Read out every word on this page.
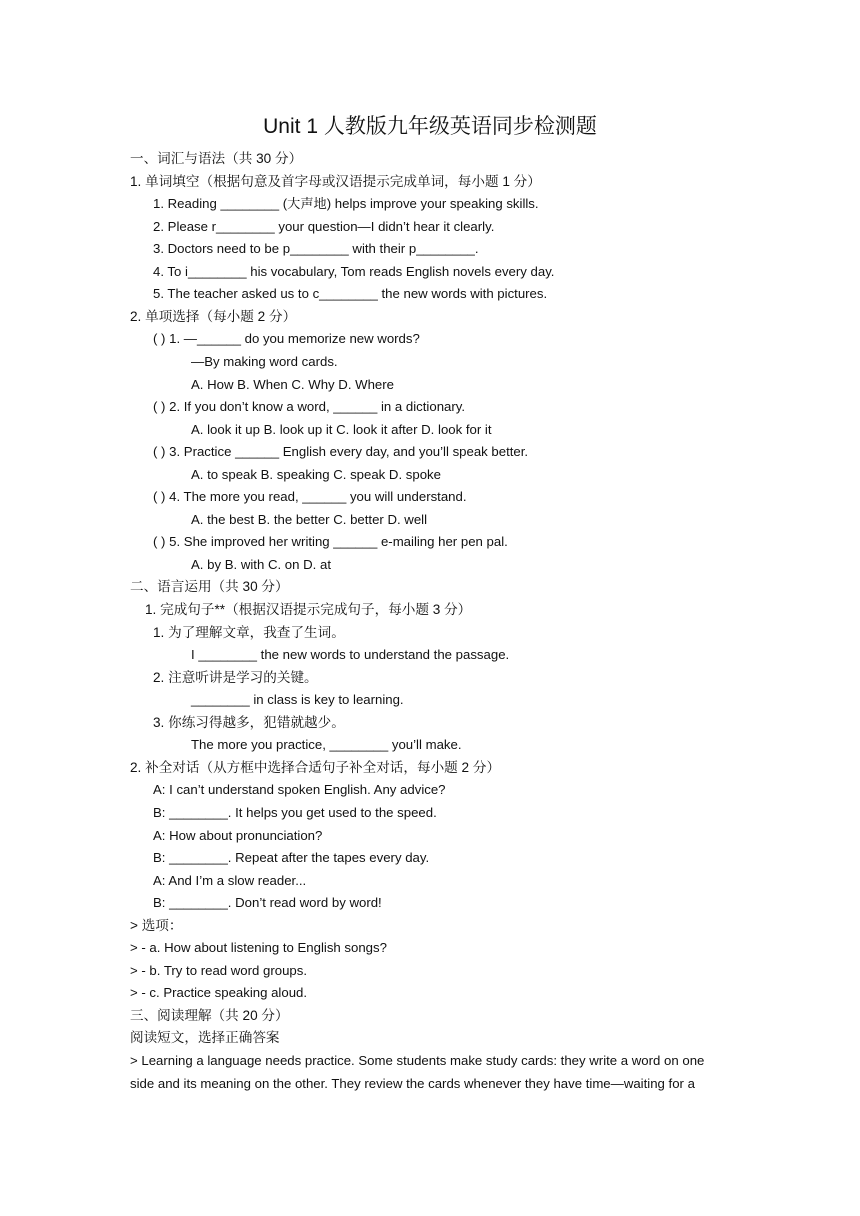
Unit 1 人教版九年级英语同步检测题
一、词汇与语法（共 30 分）
1. 单词填空（根据句意及首字母或汉语提示完成单词，每小题 1 分）
1. Reading ________ (大声地) helps improve your speaking skills.
2. Please r________ your question—I didn’t hear it clearly.
3. Doctors need to be p________ with their p________.
4. To i________ his vocabulary, Tom reads English novels every day.
5. The teacher asked us to c________ the new words with pictures.
2. 单项选择（每小题 2 分）
( ) 1. —______ do you memorize new words?
—By making word cards.
A. How B. When C. Why D. Where
( ) 2. If you don’t know a word, ______ in a dictionary.
A. look it up B. look up it C. look it after D. look for it
( ) 3. Practice ______ English every day, and you’ll speak better.
A. to speak B. speaking C. speak D. spoke
( ) 4. The more you read, ______ you will understand.
A. the best B. the better C. better D. well
( ) 5. She improved her writing ______ e-mailing her pen pal.
A. by B. with C. on D. at
二、语言运用（共 30 分）
1. 完成句子**（根据汉语提示完成句子，每小题 3 分）
1. 为了理解文章，我查了生词。
I ________ the new words to understand the passage.
2. 注意听讲是学习的关键。
________ in class is key to learning.
3. 你练习得越多，犯错就越少。
The more you practice, ________ you’ll make.
2. 补全对话（从方框中选择合适句子补全对话，每小题 2 分）
A: I can’t understand spoken English. Any advice?
B: ________. It helps you get used to the speed.
A: How about pronunciation?
B: ________. Repeat after the tapes every day.
A: And I’m a slow reader...
B: ________. Don’t read word by word!
> 选项：
> - a. How about listening to English songs?
> - b. Try to read word groups.
> - c. Practice speaking aloud.
三、阅读理解（共 20 分）
阅读短文，选择正确答案
> Learning a language needs practice. Some students make study cards: they write a word on one
side and its meaning on the other. They review the cards whenever they have time—waiting for a
